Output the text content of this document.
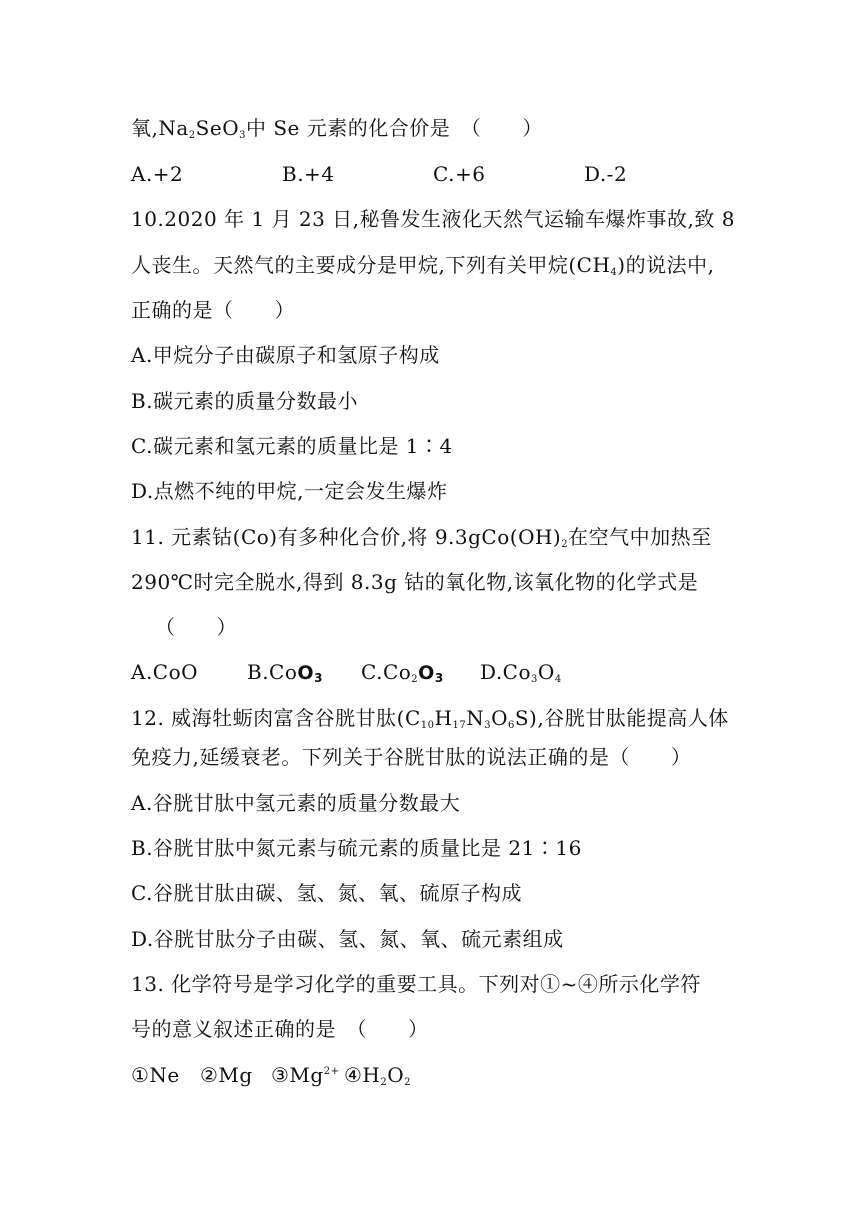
氧$,Na_2SeO_3$中 Se 元素的化合价是　（　　）
A.+2	B.+4	C.+6	D.-2
10.2020 年 1 月 23 日,秘鲁发生液化天然气运输车爆炸事故,致 8
人丧生。天然气的主要成分是甲烷,下列有关甲烷$(CH_4)$的说法中,
正确的是（　　）
A.甲烷分子由碳原子和氢原子构成
B.碳元素的质量分数最小
C.碳元素和氢元素的质量比是 1∶4
D.点燃不纯的甲烷,一定会发生爆炸
11. 元素钴(Co)有多种化合价,将 $9.3gCo(OH)_2$在空气中加热至
290℃时完全脱水,得到 8.3g 钴的氧化物,该氧化物的化学式是
（　　）
A.CoO B.CoO$_3$ $C.Co_2O_3$ $D.Co_3O_4$
12. 威海牡蛎肉富含谷胱甘肽$(C_{10}H_{17}N_3O_6S)$,谷胱甘肽能提高人体
免疫力,延缓衰老。下列关于谷胱甘肽的说法正确的是（　　）
A.谷胱甘肽中氢元素的质量分数最大
B.谷胱甘肽中氮元素与硫元素的质量比是 21∶16
C.谷胱甘肽由碳、氢、氮、氧、硫原子构成
D.谷胱甘肽分子由碳、氢、氮、氧、硫元素组成
13. 化学符号是学习化学的重要工具。下列对①~④所示化学符
号的意义叙述正确的是　（　　）
①Ne ②Mg $③Mg^{2+}$ $④H_2O_2$
